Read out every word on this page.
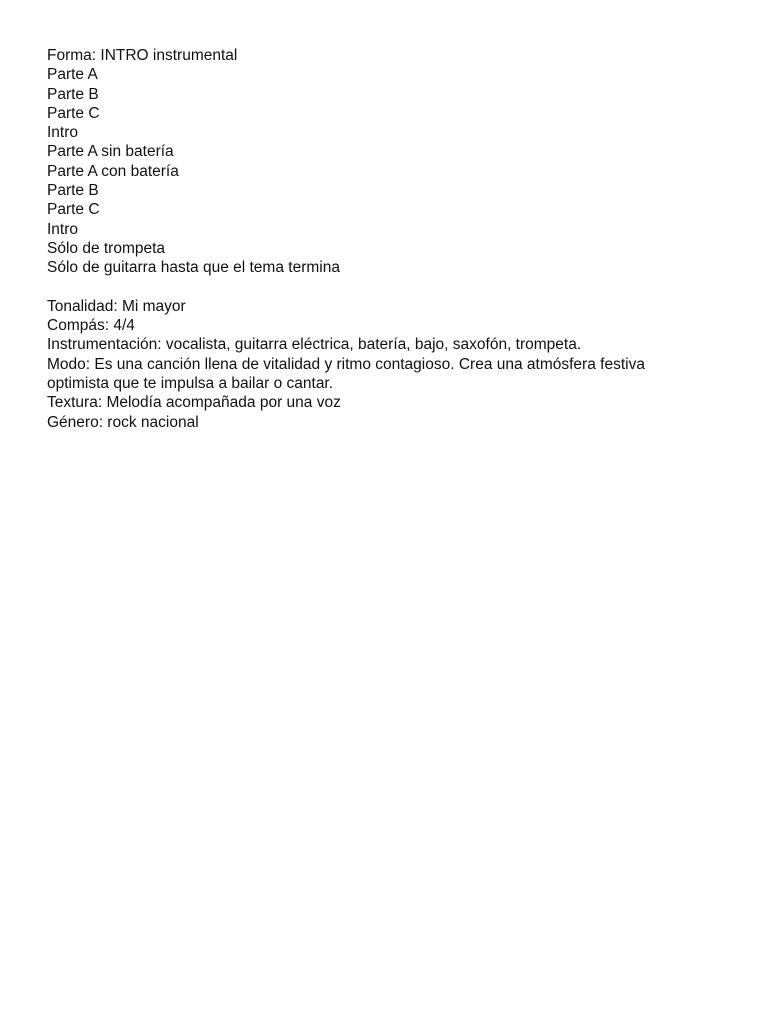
Forma: INTRO instrumental
Parte A
Parte B
Parte C
Intro
Parte A sin batería
Parte A con batería
Parte B
Parte C
Intro
Sólo de trompeta
Sólo de guitarra hasta que el tema termina
Tonalidad: Mi mayor
Compás: 4/4
Instrumentación: vocalista, guitarra eléctrica, batería, bajo, saxofón, trompeta.
Modo: Es una canción llena de vitalidad y ritmo contagioso. Crea una atmósfera festiva
optimista que te impulsa a bailar o cantar.
Textura: Melodía acompañada por una voz
Género: rock nacional
